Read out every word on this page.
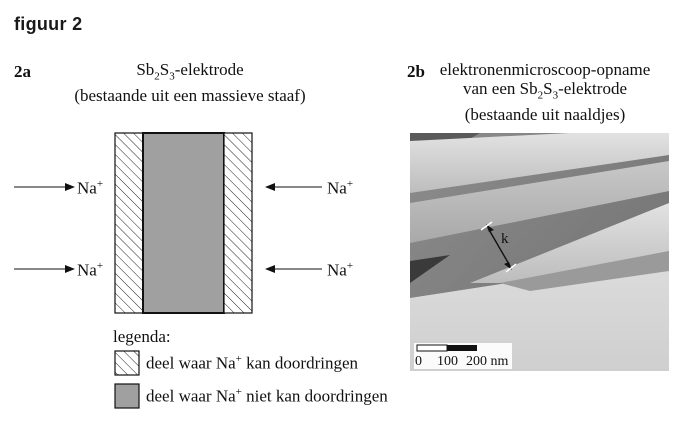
figuur 2
2a	$Sb_2S_3$-elektrode
(bestaande uit een massieve staaf)
2b elektronenmicroscoop-opname
van een $Sb_2S_3$-elektrode
(bestaande uit naaldjes)
Na+
Na+
Na+
Na+
legenda:
deel waar Na+ kan doordringen
deel waar Na+ niet kan doordringen
k
0 100 200 nm
